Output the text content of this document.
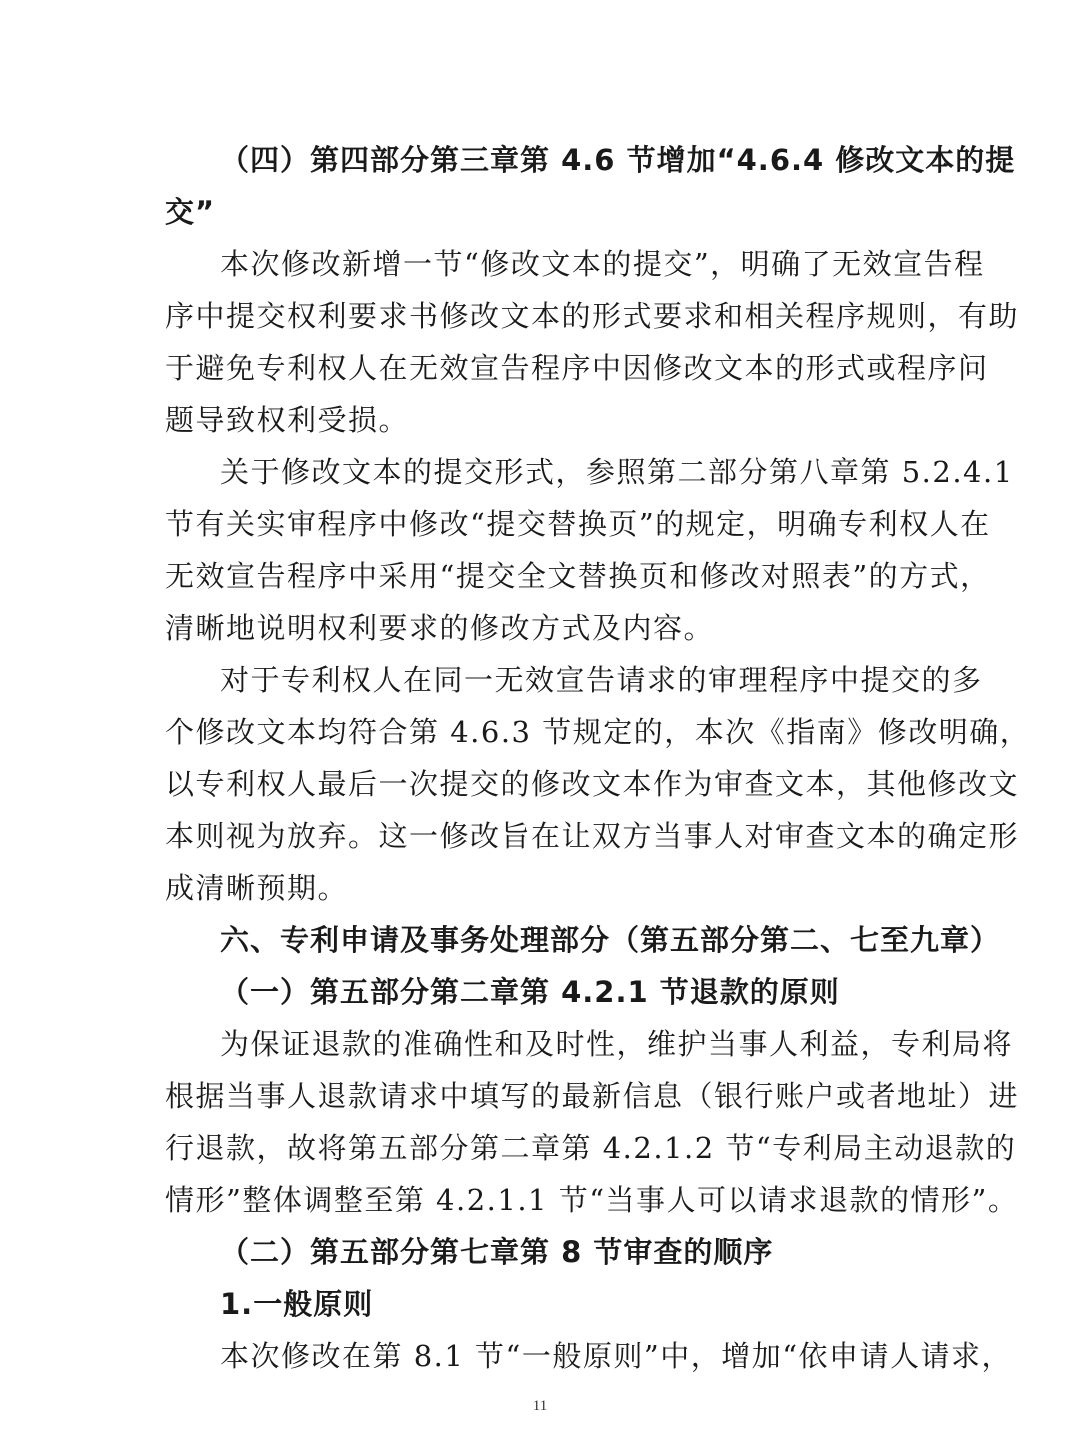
（四）第四部分第三章第 4.6 节增加“4.6.4 修改文本的提
交”
本次修改新增一节“修改文本的提交”，明确了无效宣告程
序中提交权利要求书修改文本的形式要求和相关程序规则，有助
于避免专利权人在无效宣告程序中因修改文本的形式或程序问
题导致权利受损。
关于修改文本的提交形式，参照第二部分第八章第 5.2.4.1
节有关实审程序中修改“提交替换页”的规定，明确专利权人在
无效宣告程序中采用“提交全文替换页和修改对照表”的方式，
清晰地说明权利要求的修改方式及内容。
对于专利权人在同一无效宣告请求的审理程序中提交的多
个修改文本均符合第 4.6.3 节规定的，本次《指南》修改明确，
以专利权人最后一次提交的修改文本作为审查文本，其他修改文
本则视为放弃。这一修改旨在让双方当事人对审查文本的确定形
成清晰预期。
六、专利申请及事务处理部分（第五部分第二、七至九章）
（一）第五部分第二章第 4.2.1 节退款的原则
为保证退款的准确性和及时性，维护当事人利益，专利局将
根据当事人退款请求中填写的最新信息（银行账户或者地址）进
行退款，故将第五部分第二章第 4.2.1.2 节“专利局主动退款的
情形”整体调整至第 4.2.1.1 节“当事人可以请求退款的情形”。
（二）第五部分第七章第 8 节审查的顺序
1.一般原则
本次修改在第 8.1 节“一般原则”中，增加“依申请人请求，
11
